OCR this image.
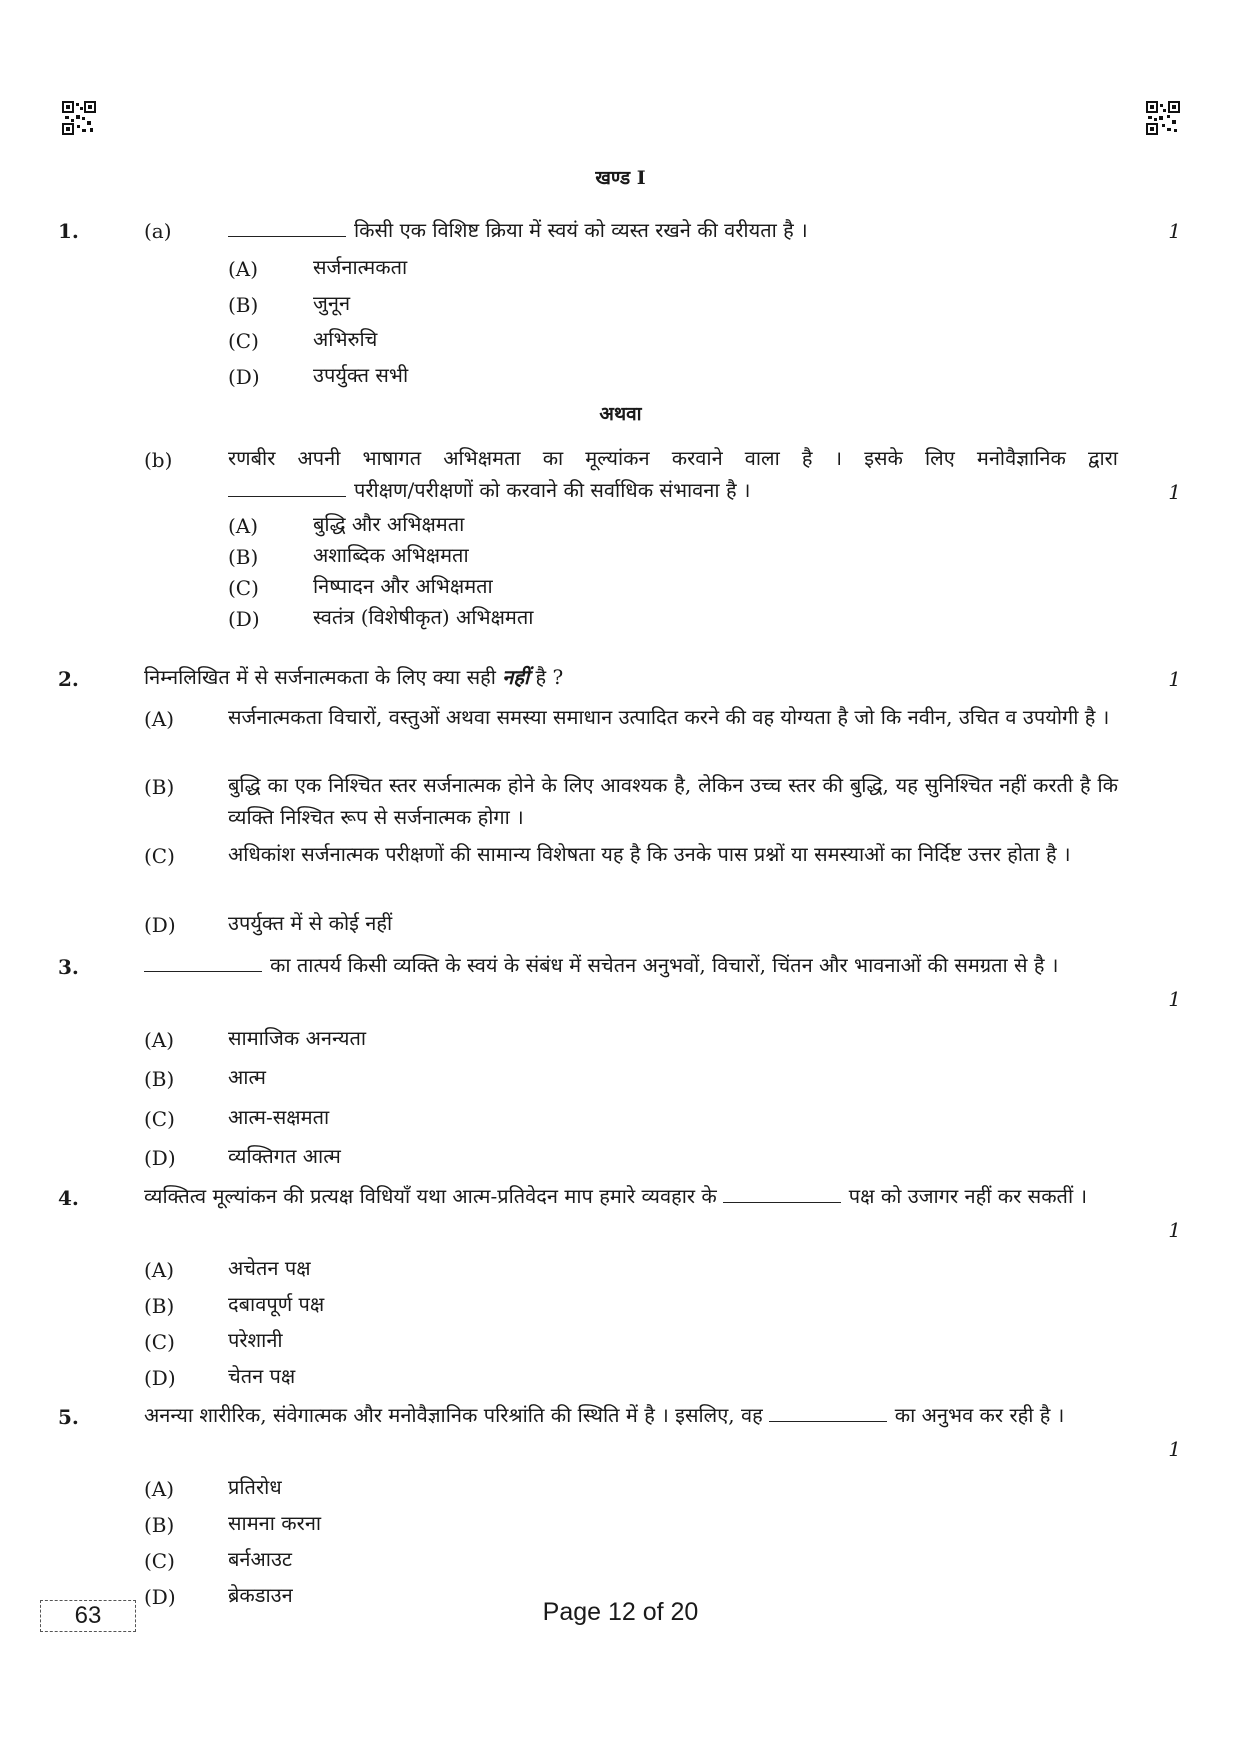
खण्ड I
1.	(a)	किसी एक विशिष्ट क्रिया में स्वयं को व्यस्त रखने की वरीयता है ।	1
(A)	सर्जनात्मकता
(B)	जुनून
(C)	अभिरुचि
(D)	उपर्युक्त सभी
अथवा
(b)	रणबीर अपनी भाषागत अभिक्षमता का मूल्यांकन करवाने वाला है । इसके लिए मनोवैज्ञानिक द्वारा
परीक्षण/परीक्षणों को करवाने की सर्वाधिक संभावना है ।	1
(A)	बुद्धि और अभिक्षमता
(B)	अशाब्दिक अभिक्षमता
(C)	निष्पादन और अभिक्षमता
(D)	स्वतंत्र (विशेषीकृत) अभिक्षमता
2.	निम्नलिखित में से सर्जनात्मकता के लिए क्या सही नहीं है ?	1
(A)	सर्जनात्मकता विचारों, वस्तुओं अथवा समस्या समाधान उत्पादित करने की वह योग्यता है जो कि नवीन, उचित व उपयोगी है ।
(B)	बुद्धि का एक निश्चित स्तर सर्जनात्मक होने के लिए आवश्यक है, लेकिन उच्च स्तर की बुद्धि, यह सुनिश्चित नहीं करती है कि व्यक्ति निश्चित रूप से सर्जनात्मक होगा ।
(C)	अधिकांश सर्जनात्मक परीक्षणों की सामान्य विशेषता यह है कि उनके पास प्रश्नों या समस्याओं का निर्दिष्ट उत्तर होता है ।
(D)	उपर्युक्त में से कोई नहीं
3.	का तात्पर्य किसी व्यक्ति के स्वयं के संबंध में सचेतन अनुभवों, विचारों, चिंतन और भावनाओं की समग्रता से है ।
1
(A)	सामाजिक अनन्यता
(B)	आत्म
(C)	आत्म-सक्षमता
(D)	व्यक्तिगत आत्म
4.	व्यक्तित्व मूल्यांकन की प्रत्यक्ष विधियाँ यथा आत्म-प्रतिवेदन माप हमारे व्यवहार के	पक्ष को उजागर नहीं कर सकतीं ।
1
(A)	अचेतन पक्ष
(B)	दबावपूर्ण पक्ष
(C)	परेशानी
(D)	चेतन पक्ष
5.	अनन्या शारीरिक, संवेगात्मक और मनोवैज्ञानिक परिश्रांति की स्थिति में है । इसलिए, वह	का अनुभव कर रही है ।
1
(A)	प्रतिरोध
(B)	सामना करना
(C)	बर्नआउट
(D)	ब्रेकडाउन
63	Page 12 of 20
